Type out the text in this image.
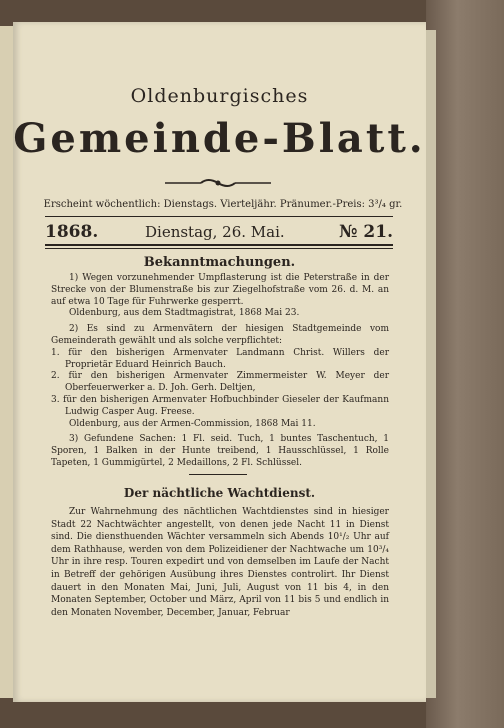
Oldenburgisches
Gemeinde-Blatt.
Erscheint wöchentlich: Dienstags. Vierteljähr. Pränumer.-Preis: 3³/₄ gr.
1868.	Dienstag, 26. Mai.	№ 21.
Bekanntmachungen.

1) Wegen vorzunehmender Umpflasterung ist die Peterstraße in der Strecke von der Blumenstraße bis zur Ziegelhofstraße vom 26. d. M. an auf etwa 10 Tage für Fuhrwerke gesperrt.

Oldenburg, aus dem Stadtmagistrat, 1868 Mai 23.

2) Es sind zu Armenvätern der hiesigen Stadtgemeinde vom Gemeinderath gewählt und als solche verpflichtet:

1. für den bisherigen Armenvater Landmann Christ. Willers der Proprietär Eduard Heinrich Bauch.

2. für den bisherigen Armenvater Zimmermeister W. Meyer der Oberfeuerwerker a. D. Joh. Gerh. Deltjen,

3. für den bisherigen Armenvater Hofbuchbinder Gieseler der Kaufmann Ludwig Casper Aug. Freese.

Oldenburg, aus der Armen-Commission, 1868 Mai 11.

3) Gefundene Sachen: 1 Fl. seid. Tuch, 1 buntes Taschentuch, 1 Sporen, 1 Balken in der Hunte treibend, 1 Hausschlüssel, 1 Rolle Tapeten, 1 Gummigürtel, 2 Medaillons, 2 Fl. Schlüssel.

Der nächtliche Wachtdienst.

Zur Wahrnehmung des nächtlichen Wachtdienstes sind in hiesiger Stadt 22 Nachtwächter angestellt, von denen jede Nacht 11 in Dienst sind. Die diensthuenden Wächter versammeln sich Abends 10¹/₂ Uhr auf dem Rathhause, werden von dem Polizeidiener der Nachtwache um 10³/₄ Uhr in ihre resp. Touren expedirt und von demselben im Laufe der Nacht in Betreff der gehörigen Ausübung ihres Dienstes controlirt. Ihr Dienst dauert in den Monaten Mai, Juni, Juli, August von 11 bis 4, in den Monaten September, October und März, April von 11 bis 5 und endlich in den Monaten November, December, Januar, Februar
